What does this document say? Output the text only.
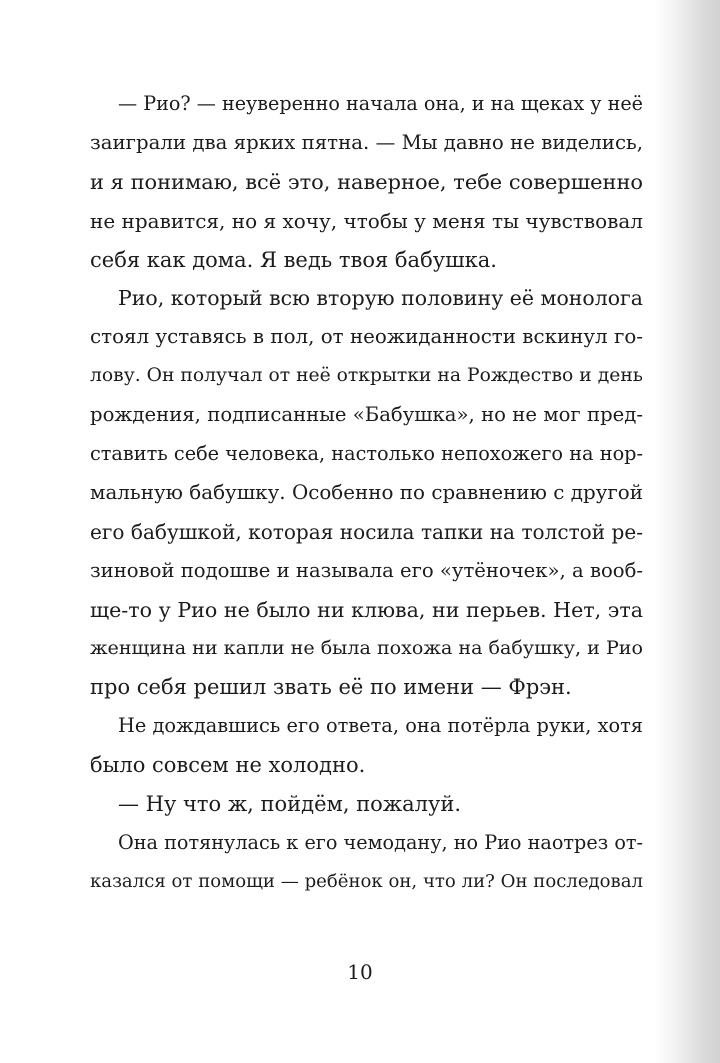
— Рио? — неуверенно начала она, и на щеках у неё
заиграли два ярких пятна. — Мы давно не виделись,
и я понимаю, всё это, наверное, тебе совершенно
не нравится, но я хочу, чтобы у меня ты чувствовал
себя как дома. Я ведь твоя бабушка.
Рио, который всю вторую половину её монолога
стоял уставясь в пол, от неожиданности вскинул го-
лову. Он получал от неё открытки на Рождество и день
рождения, подписанные «Бабушка», но не мог пред-
ставить себе человека, настолько непохожего на нор-
мальную бабушку. Особенно по сравнению с другой
его бабушкой, которая носила тапки на толстой ре-
зиновой подошве и называла его «утёночек», а вооб-
ще-то у Рио не было ни клюва, ни перьев. Нет, эта
женщина ни капли не была похожа на бабушку, и Рио
про себя решил звать её по имени — Фрэн.
Не дождавшись его ответа, она потёрла руки, хотя
было совсем не холодно.
— Ну что ж, пойдём, пожалуй.
Она потянулась к его чемодану, но Рио наотрез от-
казался от помощи — ребёнок он, что ли? Он последовал
10
